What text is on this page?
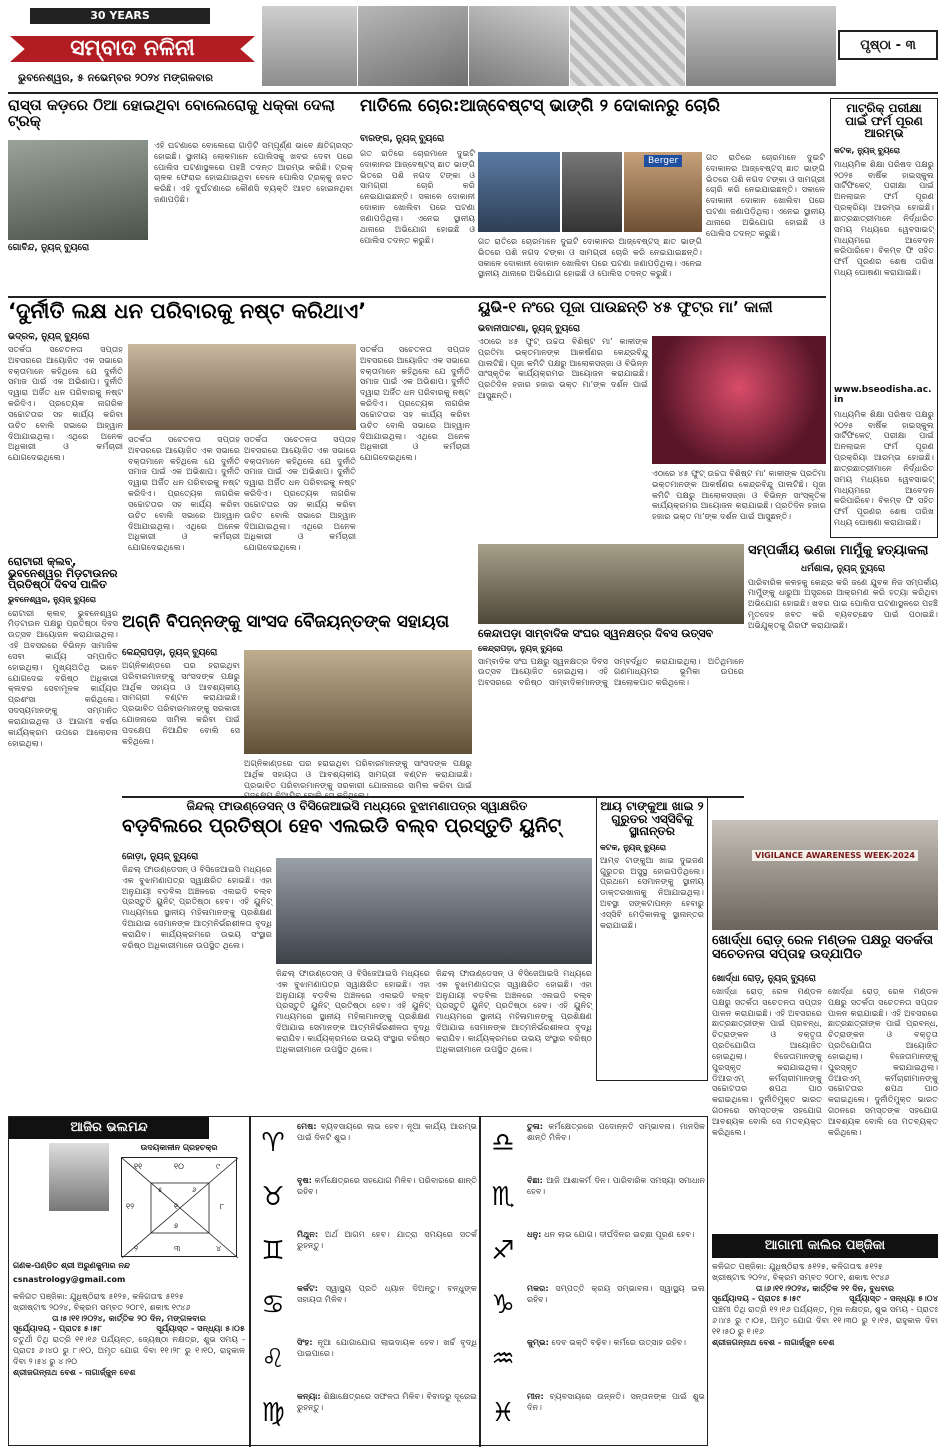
30 YEARS
ସମ୍ବାଦ ନଳିନୀ
ଭୁବନେଶ୍ୱର, ୫ ନଭେମ୍ବର ୨୦୨୪ ମଙ୍ଗଳବାର
ପୃଷ୍ଠା - ୩
ରାସ୍ତା କଡ଼ରେ ଠିଆ ହୋଇଥିବା ବୋଲେରୋକୁ ଧକ୍କା ଦେଲା ଟ୍ରକ୍
ଗୋବିନ୍ଦ, ନ୍ୟୁଜ୍ ବ୍ୟୁରୋ
ଏହି ଘଟଣାରେ ବୋଲେରୋ ଗାଡ଼ିଟି ସମ୍ପୂର୍ଣ୍ଣ ଭାବେ କ୍ଷତିଗ୍ରସ୍ତ ହୋଇଛି। ସ୍ଥାନୀୟ ଲୋକମାନେ ପୋଲିସକୁ ଖବର ଦେବା ପରେ ପୋଲିସ ଘଟଣାସ୍ଥଳରେ ପହଞ୍ଚି ତଦନ୍ତ ଆରମ୍ଭ କରିଛି। ଟ୍ରକ୍ ଚାଳକ ଫେରାର ହୋଇଯାଇଥିବା ବେଳେ ପୋଲିସ ଟ୍ରକ୍‌କୁ ଜବତ କରିଛି। ଏହି ଦୁର୍ଘଟଣାରେ କୌଣସି ବ୍ୟକ୍ତି ଆହତ ହୋଇନଥିବା ଜଣାପଡ଼ିଛି।
ମାତିଲେ ଚୋର:ଆଜ୍‌ବେଷ୍ଟସ୍ ଭାଙ୍ଗି ୨ ଦୋକାନରୁ ଚୋରି
ବାରଙ୍ଗ, ନ୍ୟୁଜ୍ ବ୍ୟୁରୋ
ଗତ ରାତିରେ ଚୋରମାନେ ଦୁଇଟି ଦୋକାନର ଆଜ୍‌ବେଷ୍ଟସ୍ ଛାତ ଭାଙ୍ଗି ଭିତରେ ପଶି ନଗଦ ଟଙ୍କା ଓ ସାମଗ୍ରୀ ଚୋରି କରି ନେଇଯାଇଛନ୍ତି। ସକାଳେ ଦୋକାନୀ ଦୋକାନ ଖୋଲିବା ପରେ ଘଟଣା ଜଣାପଡ଼ିଥିଲା। ଏନେଇ ସ୍ଥାନୀୟ ଥାନାରେ ଅଭିଯୋଗ ହୋଇଛି ଓ ପୋଲିସ ତଦନ୍ତ କରୁଛି।
Berger	ଗତ ରାତିରେ ଚୋରମାନେ ଦୁଇଟି ଦୋକାନର ଆଜ୍‌ବେଷ୍ଟସ୍ ଛାତ ଭାଙ୍ଗି ଭିତରେ ପଶି ନଗଦ ଟଙ୍କା ଓ ସାମଗ୍ରୀ ଚୋରି କରି ନେଇଯାଇଛନ୍ତି। ସକାଳେ ଦୋକାନୀ ଦୋକାନ ଖୋଲିବା ପରେ ଘଟଣା ଜଣାପଡ଼ିଥିଲା। ଏନେଇ ସ୍ଥାନୀୟ ଥାନାରେ ଅଭିଯୋଗ ହୋଇଛି ଓ ପୋଲିସ ତଦନ୍ତ କରୁଛି।
ଗତ ରାତିରେ ଚୋରମାନେ ଦୁଇଟି ଦୋକାନର ଆଜ୍‌ବେଷ୍ଟସ୍ ଛାତ ଭାଙ୍ଗି ଭିତରେ ପଶି ନଗଦ ଟଙ୍କା ଓ ସାମଗ୍ରୀ ଚୋରି କରି ନେଇଯାଇଛନ୍ତି। ସକାଳେ ଦୋକାନୀ ଦୋକାନ ଖୋଲିବା ପରେ ଘଟଣା ଜଣାପଡ଼ିଥିଲା। ଏନେଇ ସ୍ଥାନୀୟ ଥାନାରେ ଅଭିଯୋଗ ହୋଇଛି ଓ ପୋଲିସ ତଦନ୍ତ କରୁଛି।
ମାଟ୍ରିକ୍ ପରୀକ୍ଷା ପାଇଁ ଫର୍ମ ପୂରଣ ଆରମ୍ଭ
କଟକ, ନ୍ୟୁଜ୍ ବ୍ୟୁରୋ
ମାଧ୍ୟମିକ ଶିକ୍ଷା ପରିଷଦ ପକ୍ଷରୁ ୨୦୨୫ ବାର୍ଷିକ ହାଇସ୍କୁଲ ସାର୍ଟିଫିକେଟ୍ ପରୀକ୍ଷା ପାଇଁ ଅନଲାଇନ ଫର୍ମ ପୂରଣ ପ୍ରକ୍ରିୟା ଆରମ୍ଭ ହୋଇଛି। ଛାତ୍ରଛାତ୍ରୀମାନେ ନିର୍ଦ୍ଧାରିତ ସମୟ ମଧ୍ୟରେ ୱେବସାଇଟ୍ ମାଧ୍ୟମରେ ଆବେଦନ କରିପାରିବେ। ବିଳମ୍ବ ଫି ସହିତ ଫର୍ମ ପୂରଣର ଶେଷ ତାରିଖ ମଧ୍ୟ ଘୋଷଣା କରାଯାଇଛି।
www.bseodisha.ac.in
ମାଧ୍ୟମିକ ଶିକ୍ଷା ପରିଷଦ ପକ୍ଷରୁ ୨୦୨୫ ବାର୍ଷିକ ହାଇସ୍କୁଲ ସାର୍ଟିଫିକେଟ୍ ପରୀକ୍ଷା ପାଇଁ ଅନଲାଇନ ଫର୍ମ ପୂରଣ ପ୍ରକ୍ରିୟା ଆରମ୍ଭ ହୋଇଛି। ଛାତ୍ରଛାତ୍ରୀମାନେ ନିର୍ଦ୍ଧାରିତ ସମୟ ମଧ୍ୟରେ ୱେବସାଇଟ୍ ମାଧ୍ୟମରେ ଆବେଦନ କରିପାରିବେ। ବିଳମ୍ବ ଫି ସହିତ ଫର୍ମ ପୂରଣର ଶେଷ ତାରିଖ ମଧ୍ୟ ଘୋଷଣା କରାଯାଇଛି।
‘ଦୁର୍ନୀତି ଲକ୍ଷ ଧନ ପରିବାରକୁ ନଷ୍ଟ କରିଥାଏ’
ଭଦ୍ରକ, ନ୍ୟୁଜ୍ ବ୍ୟୁରୋ
ସତର୍କତା ସଚେତନତା ସପ୍ତାହ ଅବସରରେ ଆୟୋଜିତ ଏକ ସଭାରେ ବକ୍ତାମାନେ କହିଥିଲେ ଯେ ଦୁର୍ନୀତି ସମାଜ ପାଇଁ ଏକ ଅଭିଶାପ। ଦୁର୍ନୀତି ଦ୍ୱାରା ଅର୍ଜିତ ଧନ ପରିବାରକୁ ନଷ୍ଟ କରିଦିଏ। ପ୍ରତ୍ୟେକ ନାଗରିକ ସଚ୍ଚୋଟତାର ସହ କାର୍ଯ୍ୟ କରିବା ଉଚିତ ବୋଲି ସଭାରେ ଆହ୍ୱାନ ଦିଆଯାଇଥିଲା। ଏଥିରେ ଅନେକ ଅଧିକାରୀ ଓ କର୍ମଚାରୀ ଯୋଗଦେଇଥିଲେ।
ସତର୍କତା ସଚେତନତା ସପ୍ତାହ ଅବସରରେ ଆୟୋଜିତ ଏକ ସଭାରେ ବକ୍ତାମାନେ କହିଥିଲେ ଯେ ଦୁର୍ନୀତି ସମାଜ ପାଇଁ ଏକ ଅଭିଶାପ। ଦୁର୍ନୀତି ଦ୍ୱାରା ଅର୍ଜିତ ଧନ ପରିବାରକୁ ନଷ୍ଟ କରିଦିଏ। ପ୍ରତ୍ୟେକ ନାଗରିକ ସଚ୍ଚୋଟତାର ସହ କାର୍ଯ୍ୟ କରିବା ଉଚିତ ବୋଲି ସଭାରେ ଆହ୍ୱାନ ଦିଆଯାଇଥିଲା। ଏଥିରେ ଅନେକ ଅଧିକାରୀ ଓ କର୍ମଚାରୀ ଯୋଗଦେଇଥିଲେ।
ସତର୍କତା ସଚେତନତା ସପ୍ତାହ ଅବସରରେ ଆୟୋଜିତ ଏକ ସଭାରେ ବକ୍ତାମାନେ କହିଥିଲେ ଯେ ଦୁର୍ନୀତି ସମାଜ ପାଇଁ ଏକ ଅଭିଶାପ। ଦୁର୍ନୀତି ଦ୍ୱାରା ଅର୍ଜିତ ଧନ ପରିବାରକୁ ନଷ୍ଟ କରିଦିଏ। ପ୍ରତ୍ୟେକ ନାଗରିକ ସଚ୍ଚୋଟତାର ସହ କାର୍ଯ୍ୟ କରିବା ଉଚିତ ବୋଲି ସଭାରେ ଆହ୍ୱାନ ଦିଆଯାଇଥିଲା। ଏଥିରେ ଅନେକ ଅଧିକାରୀ ଓ କର୍ମଚାରୀ ଯୋଗଦେଇଥିଲେ।
ସତର୍କତା ସଚେତନତା ସପ୍ତାହ ଅବସରରେ ଆୟୋଜିତ ଏକ ସଭାରେ ବକ୍ତାମାନେ କହିଥିଲେ ଯେ ଦୁର୍ନୀତି ସମାଜ ପାଇଁ ଏକ ଅଭିଶାପ। ଦୁର୍ନୀତି ଦ୍ୱାରା ଅର୍ଜିତ ଧନ ପରିବାରକୁ ନଷ୍ଟ କରିଦିଏ। ପ୍ରତ୍ୟେକ ନାଗରିକ ସଚ୍ଚୋଟତାର ସହ କାର୍ଯ୍ୟ କରିବା ଉଚିତ ବୋଲି ସଭାରେ ଆହ୍ୱାନ ଦିଆଯାଇଥିଲା। ଏଥିରେ ଅନେକ ଅଧିକାରୀ ଓ କର୍ମଚାରୀ ଯୋଗଦେଇଥିଲେ।
ୟୁଭି-୧ ନଂରେ ପୂଜା ପାଉଛନ୍ତି ୪୫ ଫୁଟ୍‌ର ମା’ କାଳୀ
ଭବାନୀପାଟଣା, ନ୍ୟୁଜ୍ ବ୍ୟୁରୋ
ଏଠାରେ ୪୫ ଫୁଟ୍ ଉଚ୍ଚତା ବିଶିଷ୍ଟ ମା’ କାଳୀଙ୍କ ପ୍ରତିମା ଭକ୍ତମାନଙ୍କ ଆକର୍ଷଣର କେନ୍ଦ୍ରବିନ୍ଦୁ ପାଲଟିଛି। ପୂଜା କମିଟି ପକ୍ଷରୁ ଆଲୋକସଜ୍ଜା ଓ ବିଭିନ୍ନ ସାଂସ୍କୃତିକ କାର୍ଯ୍ୟକ୍ରମର ଆୟୋଜନ କରାଯାଇଛି। ପ୍ରତିଦିନ ହଜାର ହଜାର ଭକ୍ତ ମା’ଙ୍କ ଦର୍ଶନ ପାଇଁ ଆସୁଛନ୍ତି।
ଏଠାରେ ୪୫ ଫୁଟ୍ ଉଚ୍ଚତା ବିଶିଷ୍ଟ ମା’ କାଳୀଙ୍କ ପ୍ରତିମା ଭକ୍ତମାନଙ୍କ ଆକର୍ଷଣର କେନ୍ଦ୍ରବିନ୍ଦୁ ପାଲଟିଛି। ପୂଜା କମିଟି ପକ୍ଷରୁ ଆଲୋକସଜ୍ଜା ଓ ବିଭିନ୍ନ ସାଂସ୍କୃତିକ କାର୍ଯ୍ୟକ୍ରମର ଆୟୋଜନ କରାଯାଇଛି। ପ୍ରତିଦିନ ହଜାର ହଜାର ଭକ୍ତ ମା’ଙ୍କ ଦର୍ଶନ ପାଇଁ ଆସୁଛନ୍ତି।
ସମ୍ପର୍କୀୟ ଭଣଜା ମାମୁଁକୁ ହତ୍ୟାକଲା
ଧର୍ମଶାଳା, ନ୍ୟୁଜ୍ ବ୍ୟୁରୋ
ପାରିବାରିକ କଳହକୁ କେନ୍ଦ୍ର କରି ଜଣେ ଯୁବକ ନିଜ ସମ୍ପର୍କୀୟ ମାମୁଁଙ୍କୁ ଧାରୁଆ ଅସ୍ତ୍ରରେ ଆକ୍ରମଣ କରି ହତ୍ୟା କରିଥିବା ଅଭିଯୋଗ ହୋଇଛି। ଖବର ପାଇ ପୋଲିସ ଘଟଣାସ୍ଥଳରେ ପହଞ୍ଚି ମୃତଦେହ ଜବତ କରି ବ୍ୟବଚ୍ଛେଦ ପାଇଁ ପଠାଇଛି। ଅଭିଯୁକ୍ତକୁ ଗିରଫ କରାଯାଇଛି।
ରୋଟାରୀ କ୍ଲବ୍, ଭୁବନେଶ୍ୱର ମିଡ଼ଟାଉନର ପ୍ରତିଷ୍ଠା ଦିବସ ପାଳିତ
ଭୁବନେଶ୍ୱର, ନ୍ୟୁଜ୍ ବ୍ୟୁରୋ
ରୋଟାରୀ କ୍ଲବ୍ ଭୁବନେଶ୍ୱର ମିଡ଼ଟାଉନ ପକ୍ଷରୁ ପ୍ରତିଷ୍ଠା ଦିବସ ଉତ୍ସବ ଆୟୋଜନ କରାଯାଇଥିଲା। ଏହି ଅବସରରେ ବିଭିନ୍ନ ସାମାଜିକ ସେବା କାର୍ଯ୍ୟ ସମ୍ପାଦିତ ହୋଇଥିଲା। ମୁଖ୍ୟଅତିଥି ଭାବେ ଯୋଗଦେଇ ବରିଷ୍ଠ ଅଧିକାରୀ କ୍ଲବର ସେବାମୂଳକ କାର୍ଯ୍ୟର ପ୍ରଶଂସା କରିଥିଲେ। ସଦସ୍ୟମାନଙ୍କୁ ସମ୍ମାନିତ କରାଯାଇଥିଲା ଓ ଆଗାମୀ ବର୍ଷର କାର୍ଯ୍ୟକ୍ରମ ଉପରେ ଆଲୋଚନା ହୋଇଥିଲା।
ଅଗ୍ନି ବିପନ୍ନଙ୍କୁ ସାଂସଦ ବୈଜୟନ୍ତଙ୍କ ସହାୟତା
କେନ୍ଦ୍ରାପଡ଼ା, ନ୍ୟୁଜ୍ ବ୍ୟୁରୋ
ଅଗ୍ନିକାଣ୍ଡରେ ଘର ହରାଇଥିବା ପରିବାରମାନଙ୍କୁ ସାଂସଦଙ୍କ ପକ୍ଷରୁ ଆର୍ଥିକ ସହାୟତା ଓ ଆବଶ୍ୟକୀୟ ସାମଗ୍ରୀ ବଣ୍ଟନ କରାଯାଇଛି। ପ୍ରଭାବିତ ପରିବାରମାନଙ୍କୁ ସରକାରୀ ଯୋଜନାରେ ସାମିଲ କରିବା ପାଇଁ ପଦକ୍ଷେପ ନିଆଯିବ ବୋଲି ସେ କହିଥିଲେ।
ଅଗ୍ନିକାଣ୍ଡରେ ଘର ହରାଇଥିବା ପରିବାରମାନଙ୍କୁ ସାଂସଦଙ୍କ ପକ୍ଷରୁ ଆର୍ଥିକ ସହାୟତା ଓ ଆବଶ୍ୟକୀୟ ସାମଗ୍ରୀ ବଣ୍ଟନ କରାଯାଇଛି। ପ୍ରଭାବିତ ପରିବାରମାନଙ୍କୁ ସରକାରୀ ଯୋଜନାରେ ସାମିଲ କରିବା ପାଇଁ
କେନ୍ଦାପଡ଼ା ସାମ୍ବାଦିକ ସଂଘର ସ୍ୱନକ୍ଷତ୍ର ଦିବସ ଉତ୍ସବ
କେନ୍ଦ୍ରାପଡ଼ା, ନ୍ୟୁଜ୍ ବ୍ୟୁରୋ
ସାମ୍ବାଦିକ ସଂଘ ପକ୍ଷରୁ ସ୍ୱନକ୍ଷତ୍ର ଦିବସ ଉତ୍ସବ ଆୟୋଜିତ ହୋଇଥିଲା। ଏହି ଅବସରରେ ବରିଷ୍ଠ ସାମ୍ବାଦିକମାନଙ୍କୁ ସମ୍ବର୍ଦ୍ଧିତ କରାଯାଇଥିଲା। ଅତିଥିମାନେ ଗଣମାଧ୍ୟମର ଭୂମିକା ଉପରେ ଆଲୋକପାତ କରିଥିଲେ।
ଜିନ୍ଦଲ୍ ଫାଉଣ୍ଡେସନ୍ ଓ ବିସିଜେଆଇସି ମଧ୍ୟରେ ବୁଝାମଣାପତ୍ର ସ୍ୱାକ୍ଷରିତ
ବଡ଼ବିଲରେ ପ୍ରତିଷ୍ଠା ହେବ ଏଲଇଡି ବଲ୍ବ ପ୍ରସ୍ତୁତି ୟୁନିଟ୍
ଜୋଡ଼ା, ନ୍ୟୁଜ୍ ବ୍ୟୁରୋ
ଜିନ୍ଦଲ୍ ଫାଉଣ୍ଡେସନ୍ ଓ ବିସିଜେଆଇସି ମଧ୍ୟରେ ଏକ ବୁଝାମଣାପତ୍ର ସ୍ୱାକ୍ଷରିତ ହୋଇଛି। ଏହା ଅନୁଯାୟୀ ବଡ଼ବିଲ ଅଞ୍ଚଳରେ ଏଲଇଡି ବଲ୍ବ ପ୍ରସ୍ତୁତି ୟୁନିଟ୍ ପ୍ରତିଷ୍ଠା ହେବ। ଏହି ୟୁନିଟ୍ ମାଧ୍ୟମରେ ସ୍ଥାନୀୟ ମହିଳାମାନଙ୍କୁ ପ୍ରଶିକ୍ଷଣ ଦିଆଯାଇ ସେମାନଙ୍କ ଆତ୍ମନିର୍ଭରଶୀଳତା ବୃଦ୍ଧି କରାଯିବ। କାର୍ଯ୍ୟକ୍ରମରେ ଉଭୟ ସଂସ୍ଥାର ବରିଷ୍ଠ ଅଧିକାରୀମାନେ ଉପସ୍ଥିତ ଥିଲେ।
ଜିନ୍ଦଲ୍ ଫାଉଣ୍ଡେସନ୍ ଓ ବିସିଜେଆଇସି ମଧ୍ୟରେ ଏକ ବୁଝାମଣାପତ୍ର ସ୍ୱାକ୍ଷରିତ ହୋଇଛି। ଏହା ଅନୁଯାୟୀ ବଡ଼ବିଲ ଅଞ୍ଚଳରେ ଏଲଇଡି ବଲ୍ବ ପ୍ରସ୍ତୁତି ୟୁନିଟ୍ ପ୍ରତିଷ୍ଠା ହେବ। ଏହି ୟୁନିଟ୍ ମାଧ୍ୟମରେ ସ୍ଥାନୀୟ ମହିଳାମାନଙ୍କୁ ପ୍ରଶିକ୍ଷଣ ଦିଆଯାଇ ସେମାନଙ୍କ ଆତ୍ମନିର୍ଭରଶୀଳତା ବୃଦ୍ଧି କରାଯିବ। କାର୍ଯ୍ୟକ୍ରମରେ ଉଭୟ ସଂସ୍ଥାର ବରିଷ୍ଠ ଅଧିକାରୀମାନେ ଉପସ୍ଥିତ ଥିଲେ।
ଜିନ୍ଦଲ୍ ଫାଉଣ୍ଡେସନ୍ ଓ ବିସିଜେଆଇସି ମଧ୍ୟରେ ଏକ ବୁଝାମଣାପତ୍ର ସ୍ୱାକ୍ଷରିତ ହୋଇଛି। ଏହା ଅନୁଯାୟୀ ବଡ଼ବିଲ ଅଞ୍ଚଳରେ ଏଲଇଡି ବଲ୍ବ ପ୍ରସ୍ତୁତି ୟୁନିଟ୍ ପ୍ରତିଷ୍ଠା ହେବ। ଏହି ୟୁନିଟ୍ ମାଧ୍ୟମରେ ସ୍ଥାନୀୟ ମହିଳାମାନଙ୍କୁ ପ୍ରଶିକ୍ଷଣ ଦିଆଯାଇ ସେମାନଙ୍କ ଆତ୍ମନିର୍ଭରଶୀଳତା ବୃଦ୍ଧି କରାଯିବ। କାର୍ଯ୍ୟକ୍ରମରେ ଉଭୟ ସଂସ୍ଥାର ବରିଷ୍ଠ ଅଧିକାରୀମାନେ ଉପସ୍ଥିତ ଥିଲେ।
ଆୟ ଟାଙ୍କୁଆ ଖାଇ ୨ ଗୁରୁତର ଏସ୍‌ସିବିକୁ ସ୍ଥାନାନ୍ତର
କଟକ, ନ୍ୟୁଜ୍ ବ୍ୟୁରୋ
ଆମ୍ବ ଟାଙ୍କୁଆ ଖାଇ ଦୁଇଜଣ ଗୁରୁତର ଅସୁସ୍ଥ ହୋଇପଡ଼ିଥିଲେ। ପ୍ରଥମେ ସେମାନଙ୍କୁ ସ୍ଥାନୀୟ ଡାକ୍ତରଖାନାକୁ ନିଆଯାଇଥିଲା। ଅବସ୍ଥା ସଙ୍କଟାପନ୍ନ ହେବାରୁ ଏସ୍‌ସିବି ମେଡ଼ିକାଲକୁ ସ୍ଥାନାନ୍ତର କରାଯାଇଛି।
VIGILANCE AWARENESS WEEK-2024
ଖୋର୍ଦ୍ଧା ରୋଡ଼୍ ରେଳ ମଣ୍ଡଳ ପକ୍ଷରୁ ସତର୍କତା ସଚେତନତା ସପ୍ତାହ ଉଦ୍‌ଯାପିତ
ଖୋର୍ଦ୍ଧା ରୋଡ଼୍, ନ୍ୟୁଜ୍ ବ୍ୟୁରୋ
ଖୋର୍ଦ୍ଧା ରୋଡ଼୍ ରେଳ ମଣ୍ଡଳ ପକ୍ଷରୁ ସତର୍କତା ସଚେତନତା ସପ୍ତାହ ପାଳନ କରାଯାଇଛି। ଏହି ଅବସରରେ ଛାତ୍ରଛାତ୍ରୀଙ୍କ ପାଇଁ ପ୍ରବନ୍ଧ, ଚିତ୍ରାଙ୍କନ ଓ ବକ୍ତୃତା ପ୍ରତିଯୋଗିତା ଆୟୋଜିତ ହୋଇଥିଲା। ବିଜେତାମାନଙ୍କୁ ପୁରସ୍କୃତ କରାଯାଇଥିଲା। ଡିଆରଏମ୍ କର୍ମଚାରୀମାନଙ୍କୁ ସଚ୍ଚୋଟତାର ଶପଥ ପାଠ କରାଇଥିଲେ। ଦୁର୍ନୀତିମୁକ୍ତ ଭାରତ ଗଠନରେ ସମସ୍ତଙ୍କ ସହଯୋଗ ଆବଶ୍ୟକ ବୋଲି ସେ ମତବ୍ୟକ୍ତ କରିଥିଲେ।
ଖୋର୍ଦ୍ଧା ରୋଡ଼୍ ରେଳ ମଣ୍ଡଳ ପକ୍ଷରୁ ସତର୍କତା ସଚେତନତା ସପ୍ତାହ ପାଳନ କରାଯାଇଛି। ଏହି ଅବସରରେ ଛାତ୍ରଛାତ୍ରୀଙ୍କ ପାଇଁ ପ୍ରବନ୍ଧ, ଚିତ୍ରାଙ୍କନ ଓ ବକ୍ତୃତା ପ୍ରତିଯୋଗିତା ଆୟୋଜିତ ହୋଇଥିଲା। ବିଜେତାମାନଙ୍କୁ ପୁରସ୍କୃତ କରାଯାଇଥିଲା। ଡିଆରଏମ୍ କର୍ମଚାରୀମାନଙ୍କୁ ସଚ୍ଚୋଟତାର ଶପଥ ପାଠ କରାଇଥିଲେ। ଦୁର୍ନୀତିମୁକ୍ତ ଭାରତ ଗଠନରେ ସମସ୍ତଙ୍କ ସହଯୋଗ ଆବଶ୍ୟକ ବୋଲି ସେ ମତବ୍ୟକ୍ତ କରିଥିଲେ।
ଆଜିର ଭଲମନ୍ଦ
ଉଦୟକାଳୀନ ଗ୍ରହଚକ୍ର
୧୧	୧୦	୯
୮
୧୨	୧
୨	୩	୪
୫	୬
୭
ଗଣକ-ପଣ୍ଡିତ ଶ୍ରୀ ଅରୁଣକୁମାର ନନ୍ଦ
csnastrology@gmail.com
କଳିଗତ ପଞ୍ଜିକା: ଯୁଧିଷ୍ଠିରାବ୍ଦ ୫୧୨୫, କଳିଗତାବ୍ଦ ୫୧୨୫
ଖ୍ରୀଷ୍ଟାବ୍ଦ ୨୦୨୪, ବିକ୍ରମ ସମ୍ବତ ୨୦୮୧, ଶକାବ୍ଦ ୧୯୪୬
ତା।୫।୧୧।୨୦୨୪, କାର୍ତ୍ତିକ ୨୦ ଦିନ, ମଙ୍ଗଳବାର
ସୂର୍ଯ୍ୟୋଦୟ - ପ୍ରାତଃ ୫।୫୮	ସୂର୍ଯ୍ୟାସ୍ତ - ସନ୍ଧ୍ୟା ୫।୦୫
ଚତୁର୍ଥୀ ତିଥି ରାତ୍ରି ୧୧।୧୬ ପର୍ଯ୍ୟନ୍ତ, ଜ୍ୟେଷ୍ଠା ନକ୍ଷତ୍ର, ଶୁଭ ସମୟ - ପ୍ରାତଃ ୬।୪୦ ରୁ ୮।୧୦, ଅମୃତ ଯୋଗ ଦିବା ୧୧।୨୮ ରୁ ୧।୧୦, ରାହୁକାଳ ଦିବା ୨।୫୪ ରୁ ୪।୨୦
ଶ୍ରୀଜଗନ୍ନାଥ ବେଶ - ନାଗାର୍ଜ୍ଜୁନ ବେଶ
♈
ମେଷ: ବ୍ୟବସାୟରେ ଲାଭ ହେବ। ନୂଆ କାର୍ଯ୍ୟ ଆରମ୍ଭ ପାଇଁ ଦିନଟି ଶୁଭ।
♉
ବୃଷ: କର୍ମକ୍ଷେତ୍ରରେ ସହଯୋଗ ମିଳିବ। ପରିବାରରେ ଶାନ୍ତି ରହିବ।
♊
ମିଥୁନ: ଅର୍ଥ ଆଗମ ହେବ। ଯାତ୍ରା ସମୟରେ ସତର୍କ ରୁହନ୍ତୁ।
♋
କର୍କଟ: ସ୍ୱାସ୍ଥ୍ୟ ପ୍ରତି ଧ୍ୟାନ ଦିଅନ୍ତୁ। ବନ୍ଧୁଙ୍କ ସହାୟତା ମିଳିବ।
♌
ସିଂହ: ନୂଆ ଯୋଗାଯୋଗ ଲାଭଦାୟକ ହେବ। ଖର୍ଚ୍ଚ ବୃଦ୍ଧି ପାଇପାରେ।
♍
କନ୍ୟା: ଶିକ୍ଷାକ୍ଷେତ୍ରରେ ସଫଳତା ମିଳିବ। ବିବାଦରୁ ଦୂରେଇ ରୁହନ୍ତୁ।
♎
ତୁଳା: କର୍ମକ୍ଷେତ୍ରରେ ପଦୋନ୍ନତି ସମ୍ଭାବନା। ମାନସିକ ଶାନ୍ତି ମିଳିବ।
♏
ବିଛା: ଆଜି ଆଶାକର୍ମ ଦିନ। ପାରିବାରିକ ସମସ୍ୟା ସମାଧାନ ହେବ।
♐
ଧନୁ: ଧନ ଲାଭ ଯୋଗ। ଦୀର୍ଘଦିନର ଇଚ୍ଛା ପୂରଣ ହେବ।
♑
ମକର: ସମ୍ପତ୍ତି କ୍ରୟ ସମ୍ଭାବନା। ସ୍ୱାସ୍ଥ୍ୟ ଭଲ ରହିବ।
♒
କୁମ୍ଭ: ଦେବ ଭକ୍ତି ବଢ଼ିବ। କର୍ମରେ ଉତ୍ସାହ ରହିବ।
♓
ମୀନ: ବ୍ୟବସାୟରେ ଉନ୍ନତି। ସନ୍ତାନଙ୍କ ପାଇଁ ଶୁଭ ଦିନ।
ଆଗାମୀ କାଲିର ପଞ୍ଜିକା
କଳିଗତ ପଞ୍ଜିକା: ଯୁଧିଷ୍ଠିରାବ୍ଦ ୫୧୨୫, କଳିଗତାବ୍ଦ ୫୧୨୫
ଖ୍ରୀଷ୍ଟାବ୍ଦ ୨୦୨୪, ବିକ୍ରମ ସମ୍ବତ ୨୦୮୧, ଶକାବ୍ଦ ୧୯୪୬
ତା।୬।୧୧।୨୦୨୪, କାର୍ତ୍ତିକ ୨୧ ଦିନ, ବୁଧବାର
ସୂର୍ଯ୍ୟୋଦୟ - ପ୍ରାତଃ ୫।୫୯	ସୂର୍ଯ୍ୟାସ୍ତ - ସନ୍ଧ୍ୟା ୫।୦୪
ପଞ୍ଚମୀ ତିଥି ରାତ୍ରି ୧୨।୧୬ ପର୍ଯ୍ୟନ୍ତ, ମୂଳା ନକ୍ଷତ୍ର, ଶୁଭ ସମୟ - ପ୍ରାତଃ ୬।୪୫ ରୁ ୯।୦୫, ଅମୃତ ଯୋଗ ଦିବା ୧୧।୩୦ ରୁ ୧।୧୫, ରାହୁକାଳ ଦିବା ୧୧।୫୦ ରୁ ୧।୧୬
ଶ୍ରୀଜଗନ୍ନାଥ ବେଶ - ନାଗାର୍ଜ୍ଜୁନ ବେଶ
